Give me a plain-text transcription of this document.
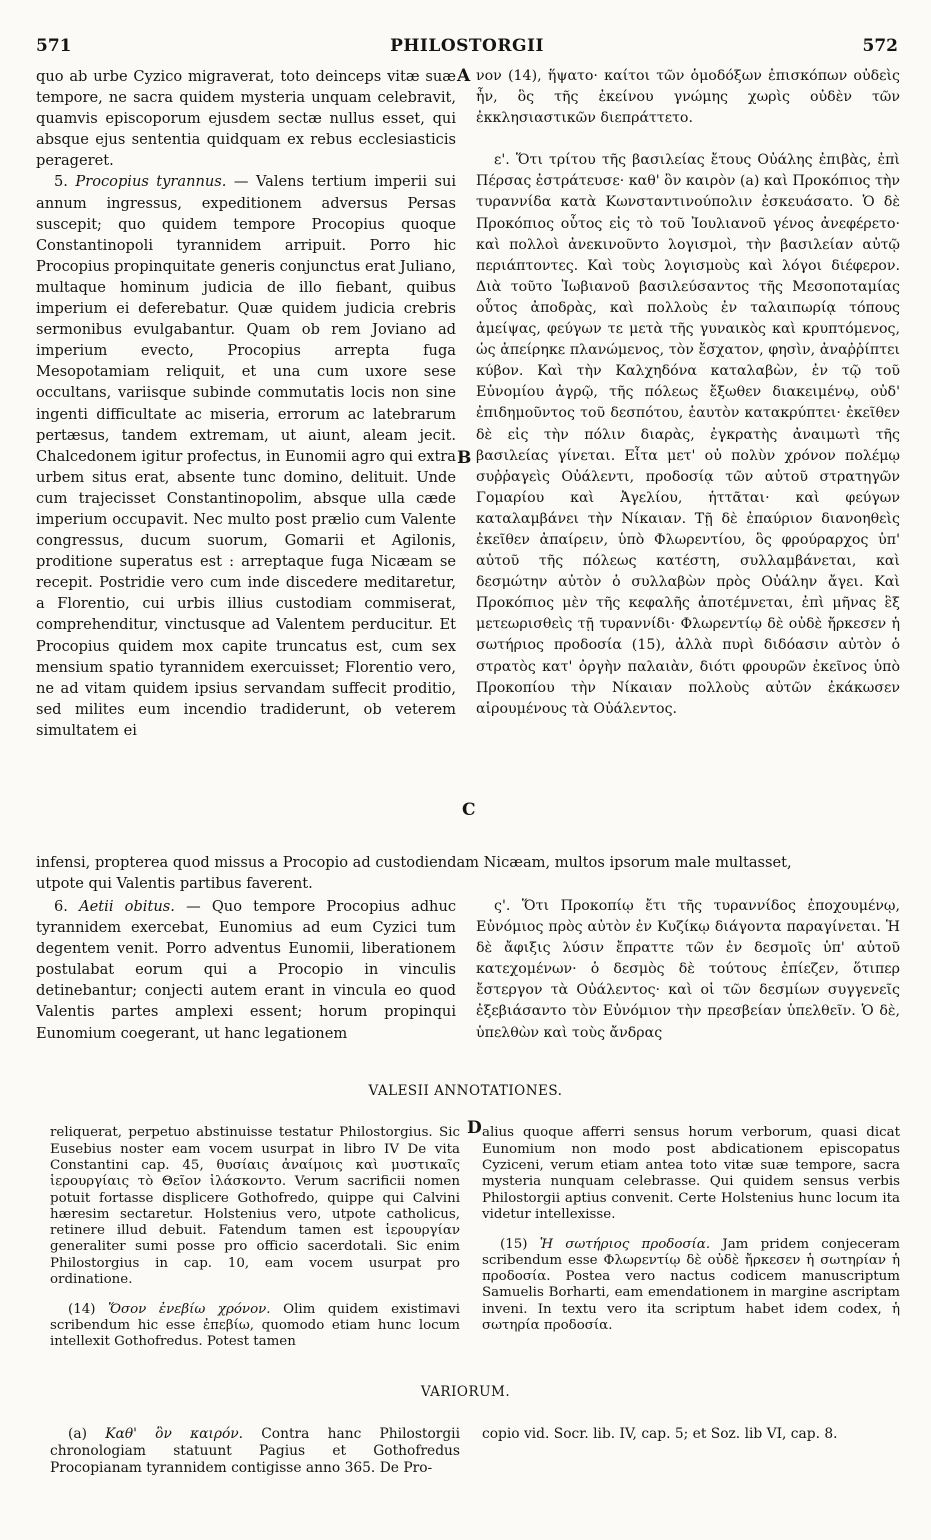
571	PHILOSTORGII	572

quo ab urbe Cyzico migraverat, toto deinceps vitæ suæ tempore, ne sacra quidem mysteria unquam celebravit, quamvis episcoporum ejusdem sectæ nullus esset, qui absque ejus sententia quidquam ex rebus ecclesiasticis perageret.

5. Procopius tyrannus. — Valens tertium imperii sui annum ingressus, expeditionem adversus Persas suscepit; quo quidem tempore Procopius quoque Constantinopoli tyrannidem arripuit. Porro hic Procopius propinquitate generis conjunctus erat Juliano, multaque hominum judicia de illo fiebant, quibus imperium ei deferebatur. Quæ quidem judicia crebris sermonibus evulgabantur. Quam ob rem Joviano ad imperium evecto, Procopius arrepta fuga Mesopotamiam reliquit, et una cum uxore sese occultans, variisque subinde commutatis locis non sine ingenti difficultate ac miseria, errorum ac latebrarum pertæsus, tandem extremam, ut aiunt, aleam jecit. Chalcedonem igitur profectus, in Eunomii agro qui extra urbem situs erat, absente tunc domino, delituit. Unde cum trajecisset Constantinopolim, absque ulla cæde imperium occupavit. Nec multo post prælio cum Valente congressus, ducum suorum, Gomarii et Agilonis, proditione superatus est : arreptaque fuga Nicæam se recepit. Postridie vero cum inde discedere meditaretur, a Florentio, cui urbis illius custodiam commiserat, comprehenditur, vinctusque ad Valentem perducitur. Et Procopius quidem mox capite truncatus est, cum sex mensium spatio tyrannidem exercuisset; Florentio vero, ne ad vitam quidem ipsius servandam suffecit proditio, sed milites eum incendio tradiderunt, ob veterem simultatem ei

νον (14), ἥψατο· καίτοι τῶν ὁμοδόξων ἐπισκόπων οὐδεὶς ἦν, ὃς τῆς ἐκείνου γνώμης χωρὶς οὐδὲν τῶν ἐκκλησιαστικῶν διεπράττετο.

ε'. Ὅτι τρίτου τῆς βασιλείας ἔτους Οὐάλης ἐπιβὰς, ἐπὶ Πέρσας ἐστράτευσε· καθ' ὃν καιρὸν (a) καὶ Προκόπιος τὴν τυραννίδα κατὰ Κωνσταντινούπολιν ἐσκευάσατο. Ὁ δὲ Προκόπιος οὗτος εἰς τὸ τοῦ Ἰουλιανοῦ γένος ἀνεφέρετο· καὶ πολλοὶ ἀνεκινοῦντο λογισμοὶ, τὴν βασιλείαν αὐτῷ περιάπτοντες. Καὶ τοὺς λογισμοὺς καὶ λόγοι διέφερον. Διὰ τοῦτο Ἰωβιανοῦ βασιλεύσαντος τῆς Μεσοποταμίας οὗτος ἀποδρὰς, καὶ πολλοὺς ἐν ταλαιπωρίᾳ τόπους ἀμείψας, φεύγων τε μετὰ τῆς γυναικὸς καὶ κρυπτόμενος, ὡς ἀπείρηκε πλανώμενος, τὸν ἔσχατον, φησὶν, ἀναῤῥίπτει κύβον. Καὶ τὴν Καλχηδόνα καταλαβὼν, ἐν τῷ τοῦ Εὐνομίου ἀγρῷ, τῆς πόλεως ἔξωθεν διακειμένῳ, οὐδ' ἐπιδημοῦντος τοῦ δεσπότου, ἑαυτὸν κατακρύπτει· ἐκεῖθεν δὲ εἰς τὴν πόλιν διαρὰς, ἐγκρατὴς ἀναιμωτὶ τῆς βασιλείας γίνεται. Εἶτα μετ' οὐ πολὺν χρόνον πολέμῳ συῤῥαγεὶς Οὐάλεντι, προδοσίᾳ τῶν αὐτοῦ στρατηγῶν Γομαρίου καὶ Ἀγελίου, ἡττᾶται· καὶ φεύγων καταλαμβάνει τὴν Νίκαιαν. Τῇ δὲ ἐπαύριον διανοηθεὶς ἐκεῖθεν ἀπαίρειν, ὑπὸ Φλωρεντίου, ὃς φρούραρχος ὑπ' αὐτοῦ τῆς πόλεως κατέστη, συλλαμβάνεται, καὶ δεσμώτην αὐτὸν ὁ συλλαβὼν πρὸς Οὐάλην ἄγει. Καὶ Προκόπιος μὲν τῆς κεφαλῆς ἀποτέμνεται, ἐπὶ μῆνας ἓξ μετεωρισθεὶς τῇ τυραννίδι· Φλωρεντίῳ δὲ οὐδὲ ἤρκεσεν ἡ σωτήριος προδοσία (15), ἀλλὰ πυρὶ διδόασιν αὐτὸν ὁ στρατὸς κατ' ὀργὴν παλαιὰν, διότι φρουρῶν ἐκεῖνος ὑπὸ Προκοπίου τὴν Νίκαιαν πολλοὺς αὐτῶν ἐκάκωσεν αἱρουμένους τὰ Οὐάλεντος.

A
B
C
D

infensi, propterea quod missus a Procopio ad custodiendam Nicæam, multos ipsorum male multasset,

utpote qui Valentis partibus faverent.

6. Aetii obitus. — Quo tempore Procopius adhuc tyrannidem exercebat, Eunomius ad eum Cyzici tum degentem venit. Porro adventus Eunomii, liberationem postulabat eorum qui a Procopio in vinculis detinebantur; conjecti autem erant in vincula eo quod Valentis partes amplexi essent; horum propinqui Eunomium coegerant, ut hanc legationem

ς'. Ὅτι Προκοπίῳ ἔτι τῆς τυραννίδος ἐποχουμένῳ, Εὐνόμιος πρὸς αὐτὸν ἐν Κυζίκῳ διάγοντα παραγίνεται. Ἡ δὲ ἄφιξις λύσιν ἔπραττε τῶν ἐν δεσμοῖς ὑπ' αὐτοῦ κατεχομένων· ὁ δεσμὸς δὲ τούτους ἐπίεζεν, ὅτιπερ ἔστεργον τὰ Οὐάλεντος· καὶ οἱ τῶν δεσμίων συγγενεῖς ἐξεβιάσαντο τὸν Εὐνόμιον τὴν πρεσβείαν ὑπελθεῖν. Ὁ δὲ, ὑπελθὼν καὶ τοὺς ἄνδρας

VALESII ANNOTATIONES.

reliquerat, perpetuo abstinuisse testatur Philostorgius. Sic Eusebius noster eam vocem usurpat in libro IV De vita Constantini cap. 45, θυσίαις ἀναίμοις καὶ μυστικαῖς ἱερουργίαις τὸ Θεῖον ἱλάσκοντο. Verum sacrificii nomen potuit fortasse displicere Gothofredo, quippe qui Calvini hæresim sectaretur. Holstenius vero, utpote catholicus, retinere illud debuit. Fatendum tamen est ἱερουργίαν generaliter sumi posse pro officio sacerdotali. Sic enim Philostorgius in cap. 10, eam vocem usurpat pro ordinatione.

(14) Ὅσον ἐνεβίω χρόνον. Olim quidem existimavi scribendum hic esse ἐπεβίω, quomodo etiam hunc locum intellexit Gothofredus. Potest tamen

alius quoque afferri sensus horum verborum, quasi dicat Eunomium non modo post abdicationem episcopatus Cyziceni, verum etiam antea toto vitæ suæ tempore, sacra mysteria nunquam celebrasse. Qui quidem sensus verbis Philostorgii aptius convenit. Certe Holstenius hunc locum ita videtur intellexisse.

(15) Ἡ σωτήριος προδοσία. Jam pridem conjeceram scribendum esse Φλωρεντίῳ δὲ οὐδὲ ἤρκεσεν ἡ σωτηρίαν ἡ προδοσία. Postea vero nactus codicem manuscriptum Samuelis Borharti, eam emendationem in margine ascriptam inveni. In textu vero ita scriptum habet idem codex, ἡ σωτηρία προδοσία.

VARIORUM.

(a) Καθ' ὃν καιρόν. Contra hanc Philostorgii chronologiam statuunt Pagius et Gothofredus Procopianam tyrannidem contigisse anno 365. De Pro-

copio vid. Socr. lib. IV, cap. 5; et Soz. lib VI, cap. 8.
